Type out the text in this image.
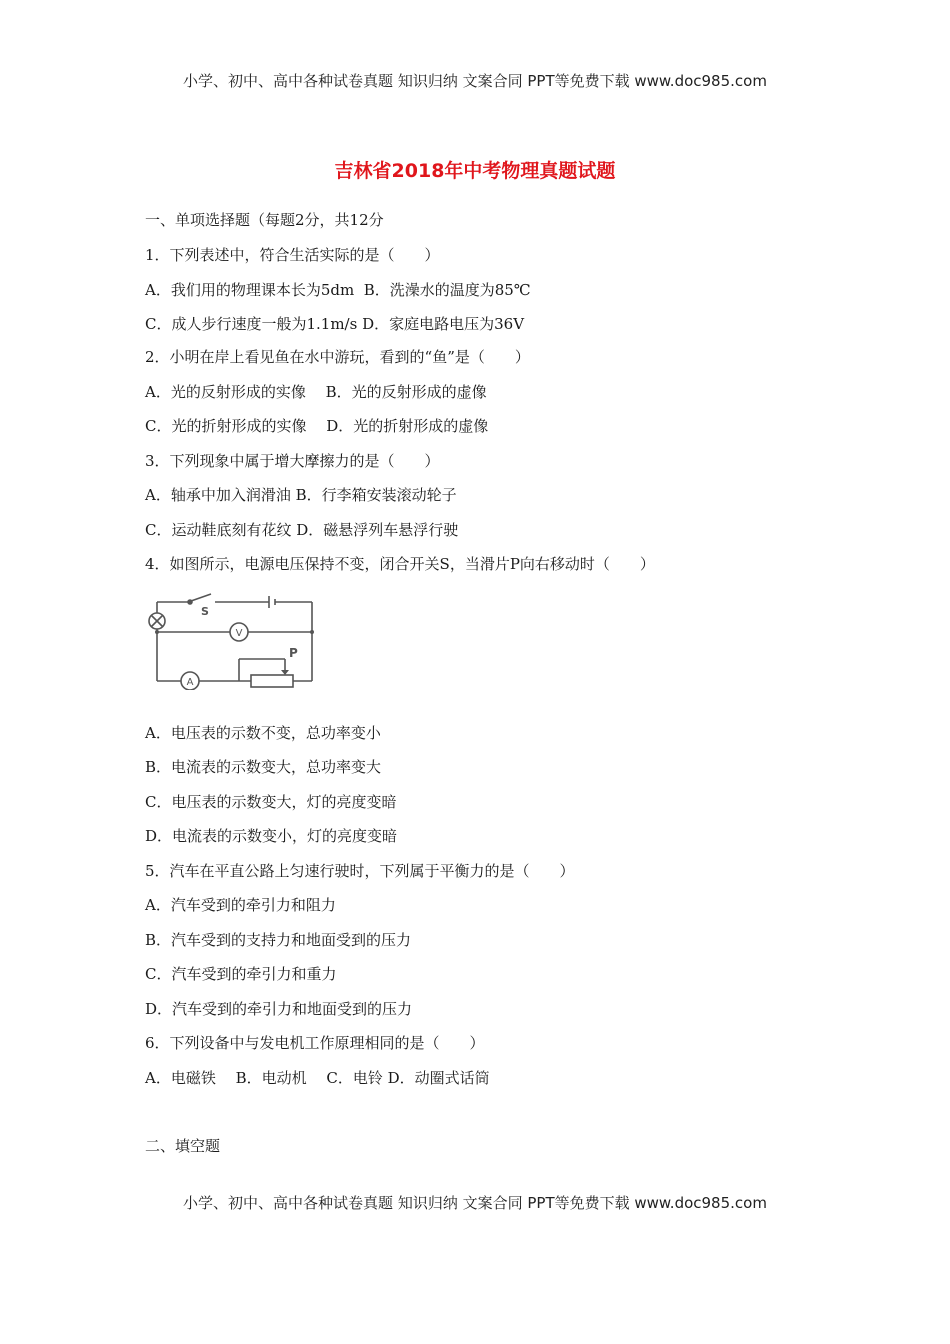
小学、初中、高中各种试卷真题 知识归纳 文案合同 PPT等免费下载 www.doc985.com
吉林省2018年中考物理真题试题
一、单项选择题（每题2分，共12分
1．下列表述中，符合生活实际的是（　　）
A．我们用的物理课本长为5dm  B．洗澡水的温度为85℃
C．成人步行速度一般为1.1m/s D．家庭电路电压为36V
2．小明在岸上看见鱼在水中游玩，看到的“鱼”是（　　）
A．光的反射形成的实像　 B．光的反射形成的虚像
C．光的折射形成的实像　 D．光的折射形成的虚像
3．下列现象中属于增大摩擦力的是（　　）
A．轴承中加入润滑油 B．行李箱安装滚动轮子
C．运动鞋底刻有花纹 D．磁悬浮列车悬浮行驶
4．如图所示，电源电压保持不变，闭合开关S，当滑片P向右移动时（　　）
S
V
A
P
A．电压表的示数不变，总功率变小
B．电流表的示数变大，总功率变大
C．电压表的示数变大，灯的亮度变暗
D．电流表的示数变小，灯的亮度变暗
5．汽车在平直公路上匀速行驶时，下列属于平衡力的是（　　）
A．汽车受到的牵引力和阻力
B．汽车受到的支持力和地面受到的压力
C．汽车受到的牵引力和重力
D．汽车受到的牵引力和地面受到的压力
6．下列设备中与发电机工作原理相同的是（　　）
A．电磁铁　 B．电动机　 C．电铃 D．动圈式话筒
二、填空题
小学、初中、高中各种试卷真题 知识归纳 文案合同 PPT等免费下载 www.doc985.com
